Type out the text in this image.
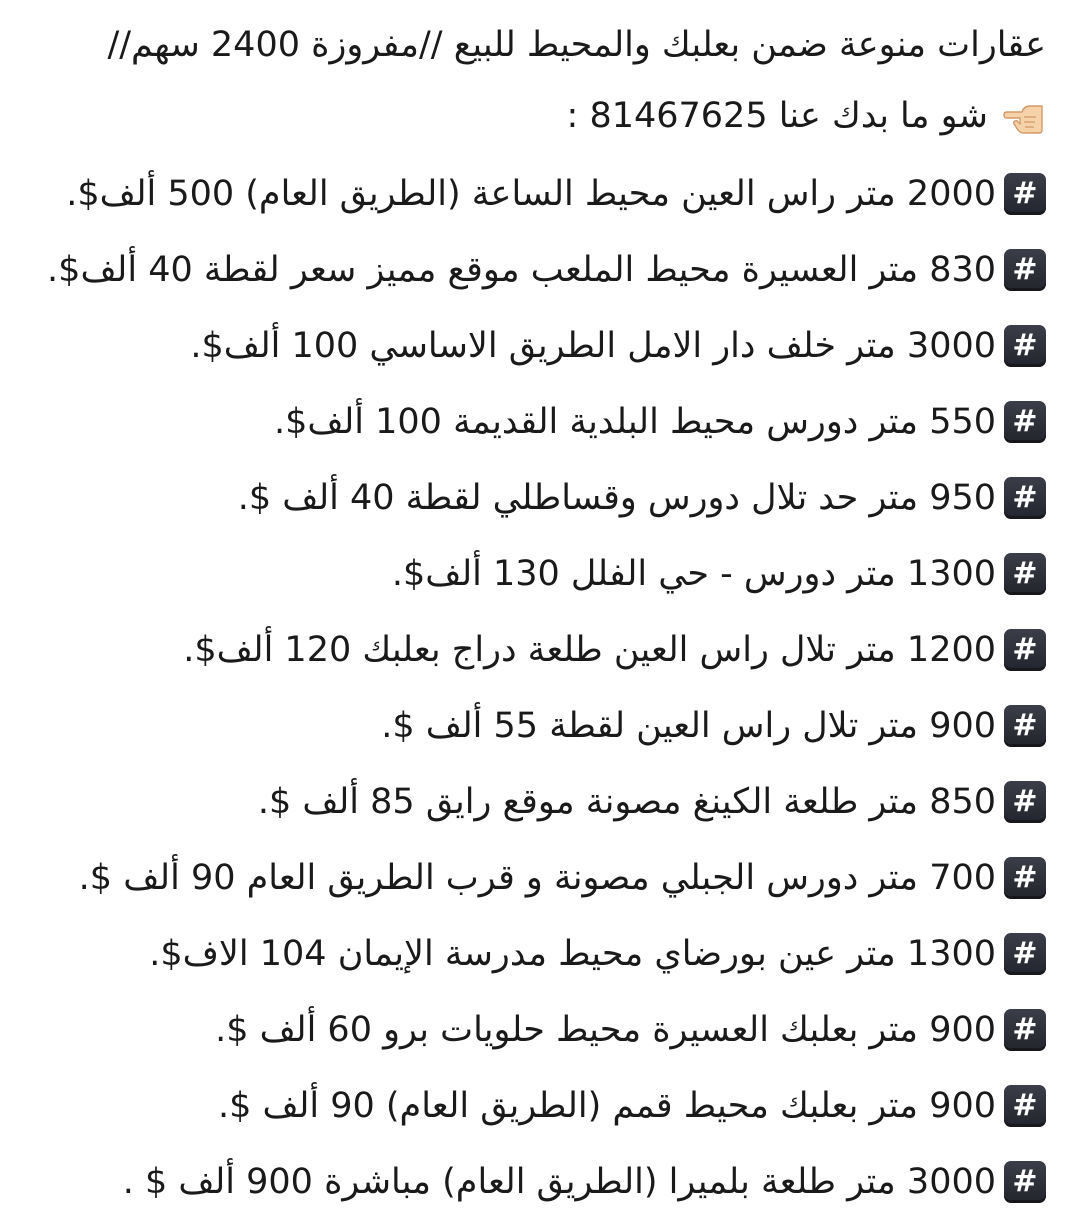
عقارات منوعة ضمن بعلبك والمحيط للبيع //مفروزة 2400 سهم//
شو ما بدك عنا 81467625 :
#
2000 متر راس العين محيط الساعة (الطريق العام) 500 ألف$.
#
830 متر العسيرة محيط الملعب موقع مميز سعر لقطة 40 ألف$.
#
3000 متر خلف دار الامل الطريق الاساسي 100 ألف$.
#
550 متر دورس محيط البلدية القديمة 100 ألف$.
#
950 متر حد تلال دورس وقساطلي لقطة 40 ألف $.
#
1300 متر دورس - حي الفلل 130 ألف$.
#
1200 متر تلال راس العين طلعة دراج بعلبك 120 ألف$.
#
900 متر تلال راس العين لقطة 55 ألف $.
#
850 متر طلعة الكينغ مصونة موقع رايق 85 ألف $.
#
700 متر دورس الجبلي مصونة و قرب الطريق العام 90 ألف $.
#
1300 متر عين بورضاي محيط مدرسة الإيمان 104 الاف$.
#
900 متر بعلبك العسيرة محيط حلويات برو 60 ألف $.
#
900 متر بعلبك محيط قمم (الطريق العام) 90 ألف $.
#
3000 متر طلعة بلميرا (الطريق العام) مباشرة 900 ألف $ .
